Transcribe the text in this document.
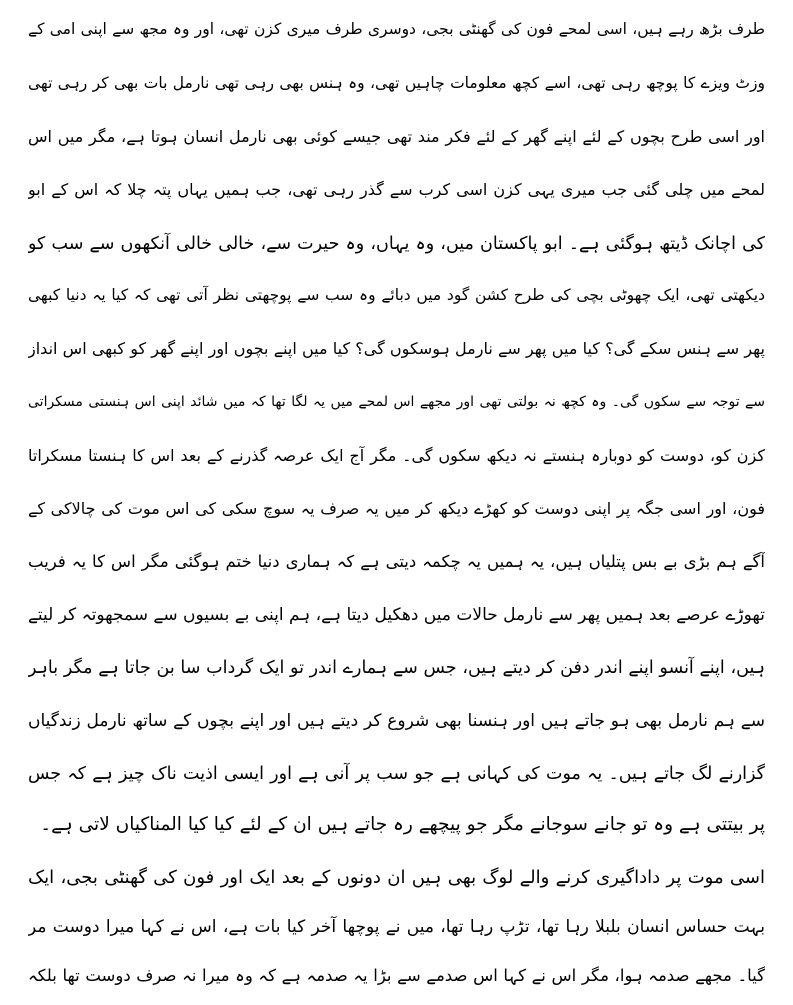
طرف بڑھ رہے ہیں، اسی لمحے فون کی گھنٹی بجی، دوسری طرف میری کزن تھی، اور وہ مجھ سے اپنی امی کے
وزٹ ویزے کا پوچھ رہی تھی، اسے کچھ معلومات چاہیں تھی، وہ ہنس بھی رہی تھی نارمل بات بھی کر رہی تھی
اور اسی طرح بچوں کے لئے اپنے گھر کے لئے فکر مند تھی جیسے کوئی بھی نارمل انسان ہوتا ہے، مگر میں اس
لمحے میں چلی گئی جب میری یہی کزن اسی کرب سے گذر رہی تھی، جب ہمیں یہاں پتہ چلا کہ اس کے ابو
کی اچانک ڈیتھ ہوگئی ہے۔ ابو پاکستان میں، وہ یہاں، وہ حیرت سے، خالی خالی آنکھوں سے سب کو
دیکھتی تھی، ایک چھوٹی بچی کی طرح کشن گود میں دبائے وہ سب سے پوچھتی نظر آتی تھی کہ کیا یہ دنیا کبھی
پھر سے ہنس سکے گی؟ کیا میں پھر سے نارمل ہوسکوں گی؟ کیا میں اپنے بچوں اور اپنے گھر کو کبھی اس انداز
سے توجہ سے سکوں گی۔ وہ کچھ نہ بولتی تھی اور مجھے اس لمحے میں یہ لگا تھا کہ میں شائد اپنی اس ہنستی مسکراتی
کزن کو، دوست کو دوبارہ ہنستے نہ دیکھ سکوں گی۔ مگر آج ایک عرصہ گذرنے کے بعد اس کا ہنستا مسکراتا
فون، اور اسی جگہ پر اپنی دوست کو کھڑے دیکھ کر میں یہ صرف یہ سوچ سکی کی اس موت کی چالاکی کے
آگے ہم بڑی بے بس پتلیاں ہیں، یہ ہمیں یہ چکمہ دیتی ہے کہ ہماری دنیا ختم ہوگئی مگر اس کا یہ فریب
تھوڑے عرصے بعد ہمیں پھر سے نارمل حالات میں دھکیل دیتا ہے، ہم اپنی بے بسیوں سے سمجھوتہ کر لیتے
ہیں، اپنے آنسو اپنے اندر دفن کر دیتے ہیں، جس سے ہمارے اندر تو ایک گرداب سا بن جاتا ہے مگر باہر
سے ہم نارمل بھی ہو جاتے ہیں اور ہنسنا بھی شروع کر دیتے ہیں اور اپنے بچوں کے ساتھ نارمل زندگیاں
گزارنے لگ جاتے ہیں۔ یہ موت کی کہانی ہے جو سب پر آنی ہے اور ایسی اذیت ناک چیز ہے کہ جس
پر بیتتی ہے وہ تو جانے سوجانے مگر جو پیچھے رہ جاتے ہیں ان کے لئے کیا کیا المناکیاں لاتی ہے۔
اسی موت پر داداگیری کرنے والے لوگ بھی ہیں ان دونوں کے بعد ایک اور فون کی گھنٹی بجی، ایک
بہت حساس انسان بلبلا رہا تھا، تڑپ رہا تھا، میں نے پوچھا آخر کیا بات ہے، اس نے کہا میرا دوست مر
گیا۔ مجھے صدمہ ہوا، مگر اس نے کہا اس صدمے سے بڑا یہ صدمہ ہے کہ وہ میرا نہ صرف دوست تھا بلکہ
